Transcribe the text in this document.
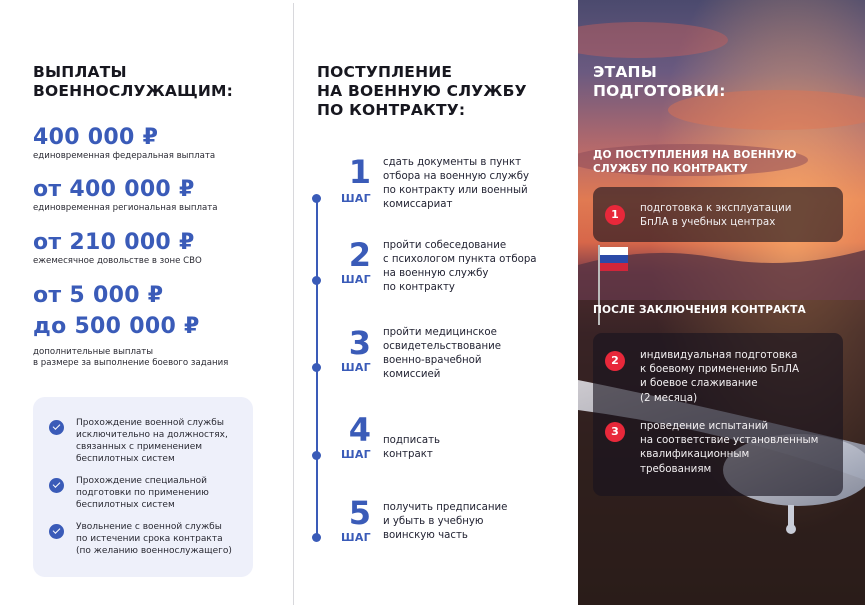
ВЫПЛАТЫ
ВОЕННОСЛУЖАЩИМ:
400 000 ₽
единовременная федеральная выплата
от 400 000 ₽
единовременная региональная выплата
от 210 000 ₽
ежемесячное довольстве в зоне СВО
от 5 000 ₽
до 500 000 ₽
дополнительные выплаты
в размере за выполнение боевого задания
Прохождение военной службы
исключительно на должностях,
связанных с применением
беспилотных систем
Прохождение специальной
подготовки по применению
беспилотных систем
Увольнение с военной службы
по истечении срока контракта
(по желанию военнослужащего)
ПОСТУПЛЕНИЕ
НА ВОЕННУЮ СЛУЖБУ
ПО КОНТРАКТУ:
1
ШАГ
сдать документы в пункт
отбора на военную службу
по контракту или военный
комиссариат
2
ШАГ
пройти собеседование
с психологом пункта отбора
на военную службу
по контракту
3
ШАГ
пройти медицинское
освидетельствование
военно-врачебной
комиссией
4
ШАГ
подписать
контракт
5
ШАГ
получить предписание
и убыть в учебную
воинскую часть
ЭТАПЫ
ПОДГОТОВКИ:
ДО ПОСТУПЛЕНИЯ НА ВОЕННУЮ
СЛУЖБУ ПО КОНТРАКТУ
1	подготовка к эксплуатации
БпЛА в учебных центрах
ПОСЛЕ ЗАКЛЮЧЕНИЯ КОНТРАКТА
2	индивидуальная подготовка
к боевому применению БпЛА
и боевое слаживание
(2 месяца)
3	проведение испытаний
на соответствие установленным
квалификационным
требованиям
